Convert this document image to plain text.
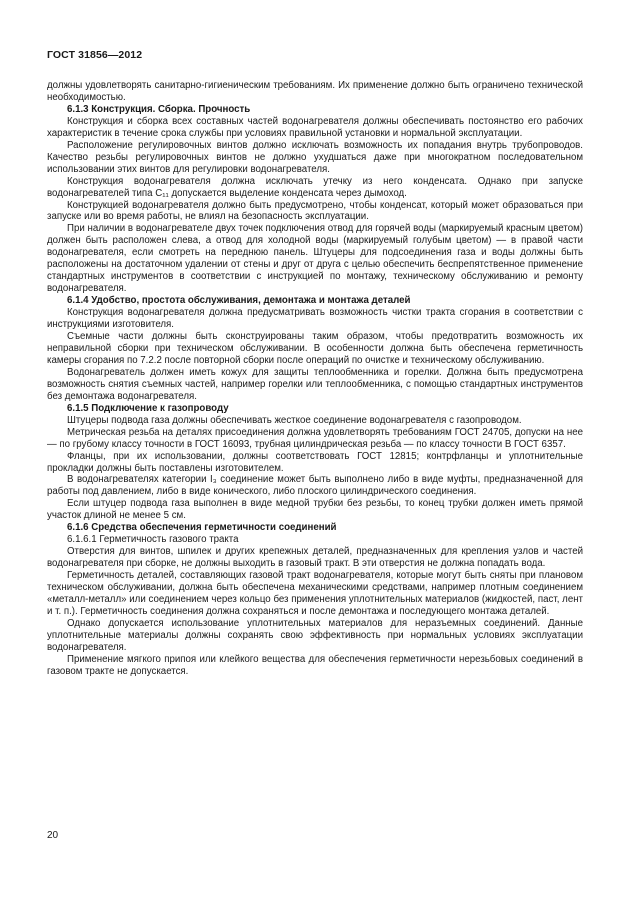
ГОСТ 31856—2012

должны удовлетворять санитарно-гигиеническим требованиям. Их применение должно быть ограничено технической необходимостью.

6.1.3 Конструкция. Сборка. Прочность

Конструкция и сборка всех составных частей водонагревателя должны обеспечивать постоянство его рабочих характеристик в течение срока службы при условиях правильной установки и нормальной эксплуатации.

Расположение регулировочных винтов должно исключать возможность их попадания внутрь трубопроводов. Качество резьбы регулировочных винтов не должно ухудшаться даже при многократном последовательном использовании этих винтов для регулировки водонагревателя.

Конструкция водонагревателя должна исключать утечку из него конденсата. Однако при запуске водонагревателей типа C₁₁ допускается выделение конденсата через дымоход.

Конструкцией водонагревателя должно быть предусмотрено, чтобы конденсат, который может образоваться при запуске или во время работы, не влиял на безопасность эксплуатации.

При наличии в водонагревателе двух точек подключения отвод для горячей воды (маркируемый красным цветом) должен быть расположен слева, а отвод для холодной воды (маркируемый голубым цветом) — в правой части водонагревателя, если смотреть на переднюю панель. Штуцеры для подсоединения газа и воды должны быть расположены на достаточном удалении от стены и друг от друга с целью обеспечить беспрепятственное применение стандартных инструментов в соответствии с инструкцией по монтажу, техническому обслуживанию и ремонту водонагревателя.

6.1.4 Удобство, простота обслуживания, демонтажа и монтажа деталей

Конструкция водонагревателя должна предусматривать возможность чистки тракта сгорания в соответствии с инструкциями изготовителя.

Съемные части должны быть сконструированы таким образом, чтобы предотвратить возможность их неправильной сборки при техническом обслуживании. В особенности должна быть обеспечена герметичность камеры сгорания по 7.2.2 после повторной сборки после операций по очистке и техническому обслуживанию.

Водонагреватель должен иметь кожух для защиты теплообменника и горелки. Должна быть предусмотрена возможность снятия съемных частей, например горелки или теплообменника, с помощью стандартных инструментов без демонтажа водонагревателя.

6.1.5 Подключение к газопроводу

Штуцеры подвода газа должны обеспечивать жесткое соединение водонагревателя с газопроводом.

Метрическая резьба на деталях присоединения должна удовлетворять требованиям ГОСТ 24705, допуски на нее — по грубому классу точности в ГОСТ 16093, трубная цилиндрическая резьба — по классу точности В ГОСТ 6357.

Фланцы, при их использовании, должны соответствовать ГОСТ 12815; контрфланцы и уплотнительные прокладки должны быть поставлены изготовителем.

В водонагревателях категории I₃ соединение может быть выполнено либо в виде муфты, предназначенной для работы под давлением, либо в виде конического, либо плоского цилиндрического соединения.

Если штуцер подвода газа выполнен в виде медной трубки без резьбы, то конец трубки должен иметь прямой участок длиной не менее 5 см.

6.1.6 Средства обеспечения герметичности соединений

6.1.6.1 Герметичность газового тракта

Отверстия для винтов, шпилек и других крепежных деталей, предназначенных для крепления узлов и частей водонагревателя при сборке, не должны выходить в газовый тракт. В эти отверстия не должна попадать вода.

Герметичность деталей, составляющих газовой тракт водонагревателя, которые могут быть сняты при плановом техническом обслуживании, должна быть обеспечена механическими средствами, например плотным соединением «металл-металл» или соединением через кольцо без применения уплотнительных материалов (жидкостей, паст, лент и т. п.). Герметичность соединения должна сохраняться и после демонтажа и последующего монтажа деталей.

Однако допускается использование уплотнительных материалов для неразъемных соединений. Данные уплотнительные материалы должны сохранять свою эффективность при нормальных условиях эксплуатации водонагревателя.

Применение мягкого припоя или клейкого вещества для обеспечения герметичности нерезьбовых соединений в газовом тракте не допускается.

20
